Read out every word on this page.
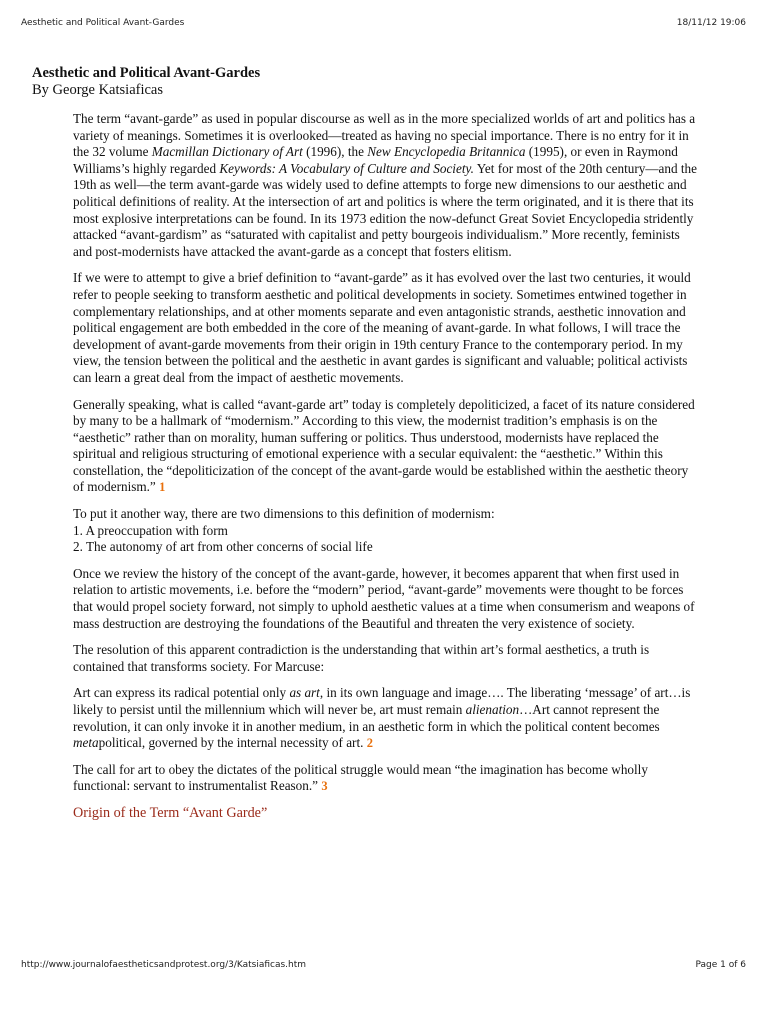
Aesthetic and Political Avant-Gardes	18/11/12 19:06
Aesthetic and Political Avant-Gardes
By George Katsiaficas

The term “avant-garde” as used in popular discourse as well as in the more specialized worlds of art and politics has a variety of meanings. Sometimes it is overlooked—treated as having no special importance. There is no entry for it in the 32 volume Macmillan Dictionary of Art (1996), the New Encyclopedia Britannica (1995), or even in Raymond Williams’s highly regarded Keywords: A Vocabulary of Culture and Society. Yet for most of the 20th century—and the 19th as well—the term avant-garde was widely used to define attempts to forge new dimensions to our aesthetic and political definitions of reality. At the intersection of art and politics is where the term originated, and it is there that its most explosive interpretations can be found. In its 1973 edition the now-defunct Great Soviet Encyclopedia stridently attacked “avant-gardism” as “saturated with capitalist and petty bourgeois individualism.” More recently, feminists and post-modernists have attacked the avant-garde as a concept that fosters elitism.

If we were to attempt to give a brief definition to “avant-garde” as it has evolved over the last two centuries, it would refer to people seeking to transform aesthetic and political developments in society. Sometimes entwined together in complementary relationships, and at other moments separate and even antagonistic strands, aesthetic innovation and political engagement are both embedded in the core of the meaning of avant-garde. In what follows, I will trace the development of avant-garde movements from their origin in 19th century France to the contemporary period. In my view, the tension between the political and the aesthetic in avant gardes is significant and valuable; political activists can learn a great deal from the impact of aesthetic movements.

Generally speaking, what is called “avant-garde art” today is completely depoliticized, a facet of its nature considered by many to be a hallmark of “modernism.” According to this view, the modernist tradition’s emphasis is on the “aesthetic” rather than on morality, human suffering or politics. Thus understood, modernists have replaced the spiritual and religious structuring of emotional experience with a secular equivalent: the “aesthetic.” Within this constellation, the “depoliticization of the concept of the avant-garde would be established within the aesthetic theory of modernism.” 1

To put it another way, there are two dimensions to this definition of modernism:
1. A preoccupation with form
2. The autonomy of art from other concerns of social life

Once we review the history of the concept of the avant-garde, however, it becomes apparent that when first used in relation to artistic movements, i.e. before the “modern” period, “avant-garde” movements were thought to be forces that would propel society forward, not simply to uphold aesthetic values at a time when consumerism and weapons of mass destruction are destroying the foundations of the Beautiful and threaten the very existence of society.

The resolution of this apparent contradiction is the understanding that within art’s formal aesthetics, a truth is contained that transforms society. For Marcuse:

Art can express its radical potential only as art, in its own language and image…. The liberating ‘message’ of art…is likely to persist until the millennium which will never be, art must remain alienation…Art cannot represent the revolution, it can only invoke it in another medium, in an aesthetic form in which the political content becomes metapolitical, governed by the internal necessity of art. 2

The call for art to obey the dictates of the political struggle would mean “the imagination has become wholly functional: servant to instrumentalist Reason.” 3

Origin of the Term “Avant Garde”
http://www.journalofaestheticsandprotest.org/3/Katsiaficas.htm	Page 1 of 6
